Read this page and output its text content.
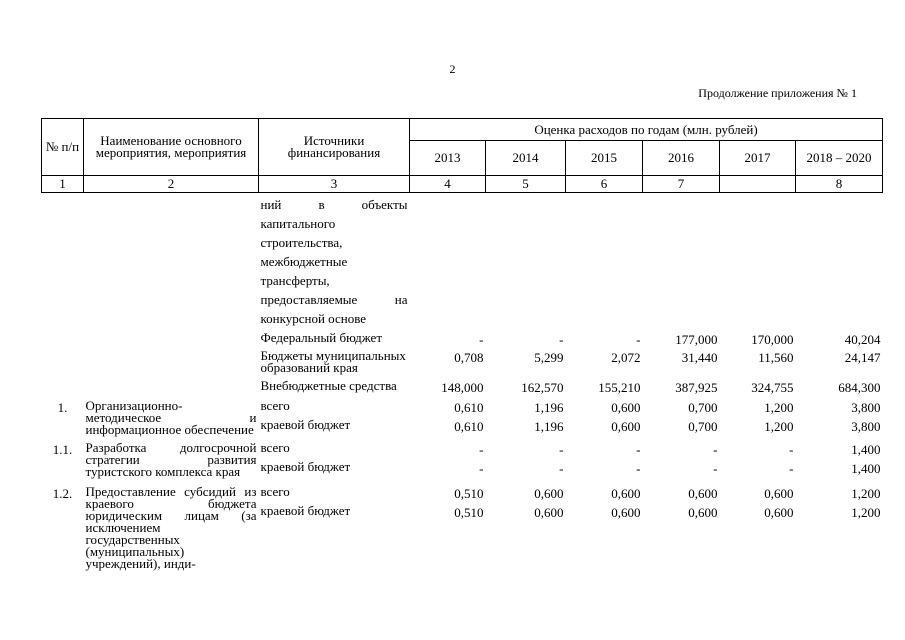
2
Продолжение приложения № 1
№ п/п	Наименование основного мероприятия, мероприятия	Источники финансирования	Оценка расходов по годам (млн. рублей)					
			2013	2014	2015	2016	2017	2018 – 2020
1	2	3	4	5	6	7		8
		ний в объекты капитального строительства, межбюджетные трансферты, предоставляемые на конкурсной основе						
		Федеральный бюджет	-	-	-	177,000	170,000	40,204
		Бюджеты муниципальных образований края	0,708	5,299	2,072	31,440	11,560	24,147
		Внебюджетные средства	148,000	162,570	155,210	387,925	324,755	684,300
1.	Организационно-методическое и информационное обеспечение	всего	0,610	1,196	0,600	0,700	1,200	3,800
		краевой бюджет	0,610	1,196	0,600	0,700	1,200	3,800
1.1.	Разработка долгосрочной стратегии развития туристского комплекса края	всего	-	-	-	-	-	1,400
		краевой бюджет	-	-	-	-	-	1,400
1.2.	Предоставление субсидий из краевого бюджета юридическим лицам (за исключением государственных (муниципальных) учреждений), инди-	всего	0,510	0,600	0,600	0,600	0,600	1,200
		краевой бюджет	0,510	0,600	0,600	0,600	0,600	1,200
